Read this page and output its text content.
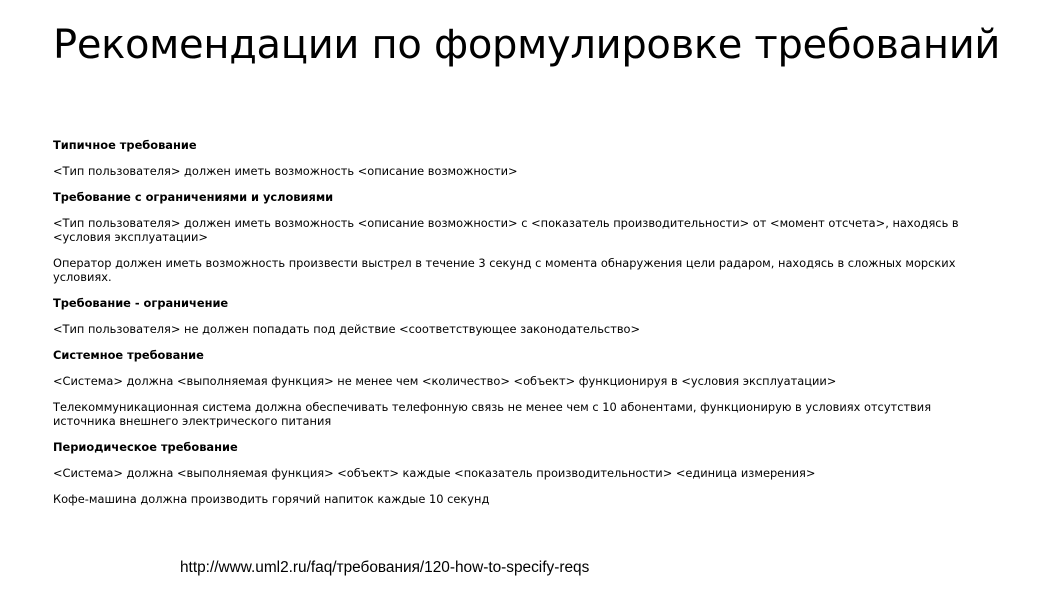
Рекомендации по формулировке требований

Типичное требование

<Тип пользователя> должен иметь возможность <описание возможности>

Требование с ограничениями и условиями

<Тип пользователя> должен иметь возможность <описание возможности> с <показатель производительности> от <момент отсчета>, находясь в <условия эксплуатации>

Оператор должен иметь возможность произвести выстрел в течение 3 секунд с момента обнаружения цели радаром, находясь в сложных морских условиях.

Требование - ограничение

<Тип пользователя> не должен попадать под действие <соответствующее законодательство>

Системное требование

<Система> должна <выполняемая функция> не менее чем <количество> <объект> функционируя в <условия эксплуатации>

Телекоммуникационная система должна обеспечивать телефонную связь не менее чем с 10 абонентами, функционирую в условиях отсутствия источника внешнего электрического питания

Периодическое требование

<Система> должна <выполняемая функция> <объект> каждые <показатель производительности> <единица измерения>

Кофе-машина должна производить горячий напиток каждые 10 секунд

http://www.uml2.ru/faq/требования/120-how-to-specify-reqs
